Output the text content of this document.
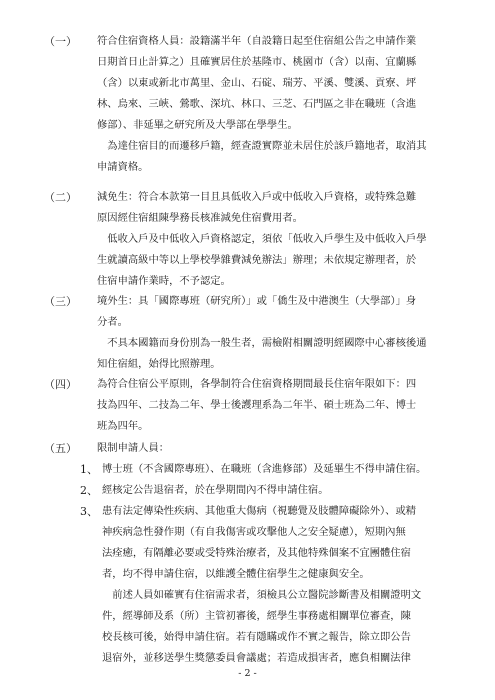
（一） 符合住宿資格人員：設籍滿半年（自設籍日起至住宿組公告之申請作業
日期首日止計算之）且確實居住於基隆市、桃園市（含）以南、宜蘭縣
（含）以東或新北市萬里、金山、石碇、瑞芳、平溪、雙溪、貢寮、坪
林、烏來、三峽、鶯歌、深坑、林口、三芝、石門區之非在職班（含進
修部）、非延畢之研究所及大學部在學學生。
　為達住宿目的而遷移戶籍，經查證實際並未居住於該戶籍地者，取消其
申請資格。
（二） 減免生：符合本款第一目且具低收入戶或中低收入戶資格，或特殊急難
原因經住宿組陳學務長核准減免住宿費用者。
　低收入戶及中低收入戶資格認定，須依「低收入戶學生及中低收入戶學
生就讀高級中等以上學校學雜費減免辦法」辦理；未依規定辦理者，於
住宿申請作業時，不予認定。
（三） 境外生：具「國際專班（研究所）」或「僑生及中港澳生（大學部）」身
分者。
　不具本國籍而身份別為一般生者，需檢附相關證明經國際中心審核後通
知住宿組，始得比照辦理。
（四） 為符合住宿公平原則，各學制符合住宿資格期間最長住宿年限如下：四
技為四年、二技為二年、學士後護理系為二年半、碩士班為二年、博士
班為四年。
（五） 限制申請人員：
1、 博士班（不含國際專班）、在職班（含進修部）及延畢生不得申請住宿。
2、 經核定公告退宿者，於在學期間內不得申請住宿。
3、 患有法定傳染性疾病、其他重大傷病（視聽覺及肢體障礙除外）、或精
神疾病急性發作期（有自我傷害或攻擊他人之安全疑慮），短期內無
法痊癒，有隔離必要或受特殊治療者，及其他特殊個案不宜團體住宿
者，均不得申請住宿，以維護全體住宿學生之健康與安全。
　前述人員如確實有住宿需求者，須檢具公立醫院診斷書及相關證明文
件，經導師及系（所）主管初審後，經學生事務處相關單位審查，陳
校長核可後，始得申請住宿。若有隱瞞或作不實之報告，除立即公告
退宿外，並移送學生獎懲委員會議處；若造成損害者，應負相關法律
- 2 -
